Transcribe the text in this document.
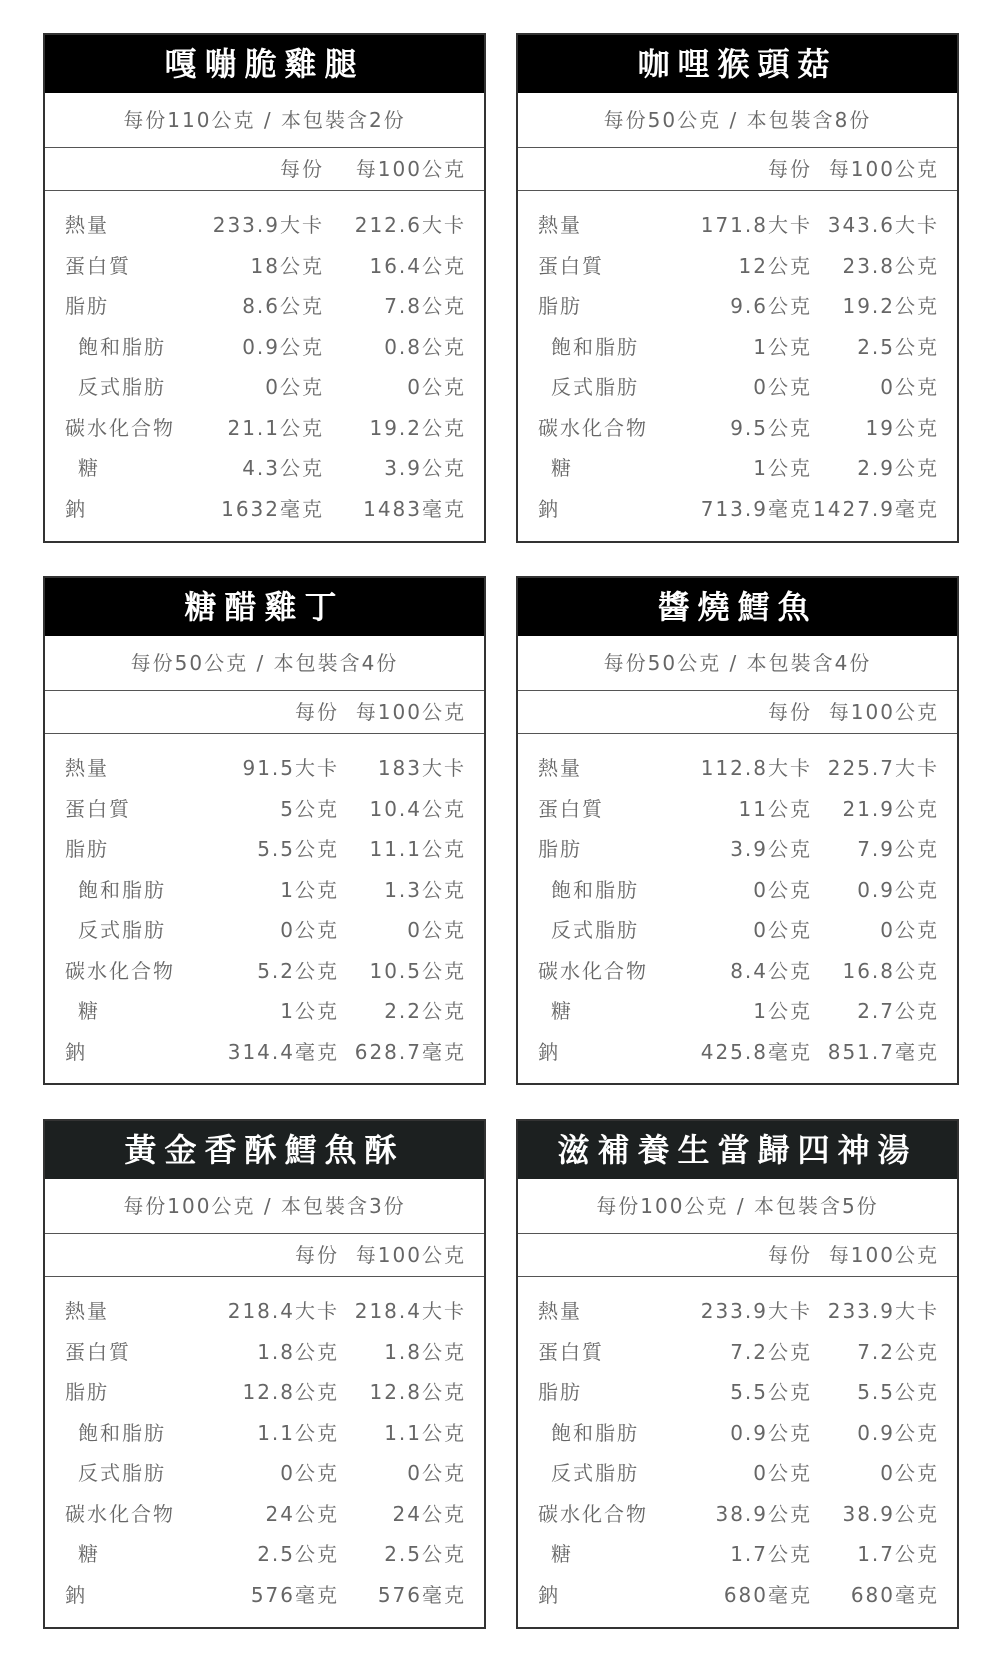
嘎嘣脆雞腿
每份110公克 / 本包裝含2份
每份 每100公克
熱量	233.9大卡 212.6大卡
蛋白質	18公克 16.4公克
脂肪	8.6公克	7.8公克
飽和脂肪	0.9公克	0.8公克
反式脂肪	0公克	0公克
碳水化合物	21.1公克 19.2公克
糖	4.3公克	3.9公克
鈉	1632毫克 1483毫克
咖哩猴頭菇
每份50公克 / 本包裝含8份
每份 每100公克
熱量	171.8大卡 343.6大卡
蛋白質	12公克 23.8公克
脂肪	9.6公克 19.2公克
飽和脂肪	1公克 2.5公克
反式脂肪	0公克	0公克
碳水化合物	9.5公克	19公克
糖	1公克 2.9公克
鈉	713.9毫克 1427.9毫克
糖醋雞丁
每份50公克 / 本包裝含4份
每份 每100公克
熱量	91.5大卡 183大卡
蛋白質	5公克 10.4公克
脂肪	5.5公克 11.1公克
飽和脂肪	1公克 1.3公克
反式脂肪	0公克	0公克
碳水化合物	5.2公克 10.5公克
糖	1公克 2.2公克
鈉	314.4毫克 628.7毫克
醬燒鱈魚
每份50公克 / 本包裝含4份
每份 每100公克
熱量	112.8大卡 225.7大卡
蛋白質	11公克 21.9公克
脂肪	3.9公克 7.9公克
飽和脂肪	0公克 0.9公克
反式脂肪	0公克	0公克
碳水化合物	8.4公克 16.8公克
糖	1公克 2.7公克
鈉	425.8毫克 851.7毫克
黃金香酥鱈魚酥
每份100公克 / 本包裝含3份
每份 每100公克
熱量	218.4大卡 218.4大卡
蛋白質	1.8公克 1.8公克
脂肪	12.8公克 12.8公克
飽和脂肪	1.1公克 1.1公克
反式脂肪	0公克	0公克
碳水化合物	24公克	24公克
糖	2.5公克 2.5公克
鈉	576毫克 576毫克
滋補養生當歸四神湯
每份100公克 / 本包裝含5份
每份 每100公克
熱量	233.9大卡 233.9大卡
蛋白質	7.2公克 7.2公克
脂肪	5.5公克 5.5公克
飽和脂肪	0.9公克 0.9公克
反式脂肪	0公克	0公克
碳水化合物	38.9公克 38.9公克
糖	1.7公克 1.7公克
鈉	680毫克 680毫克
